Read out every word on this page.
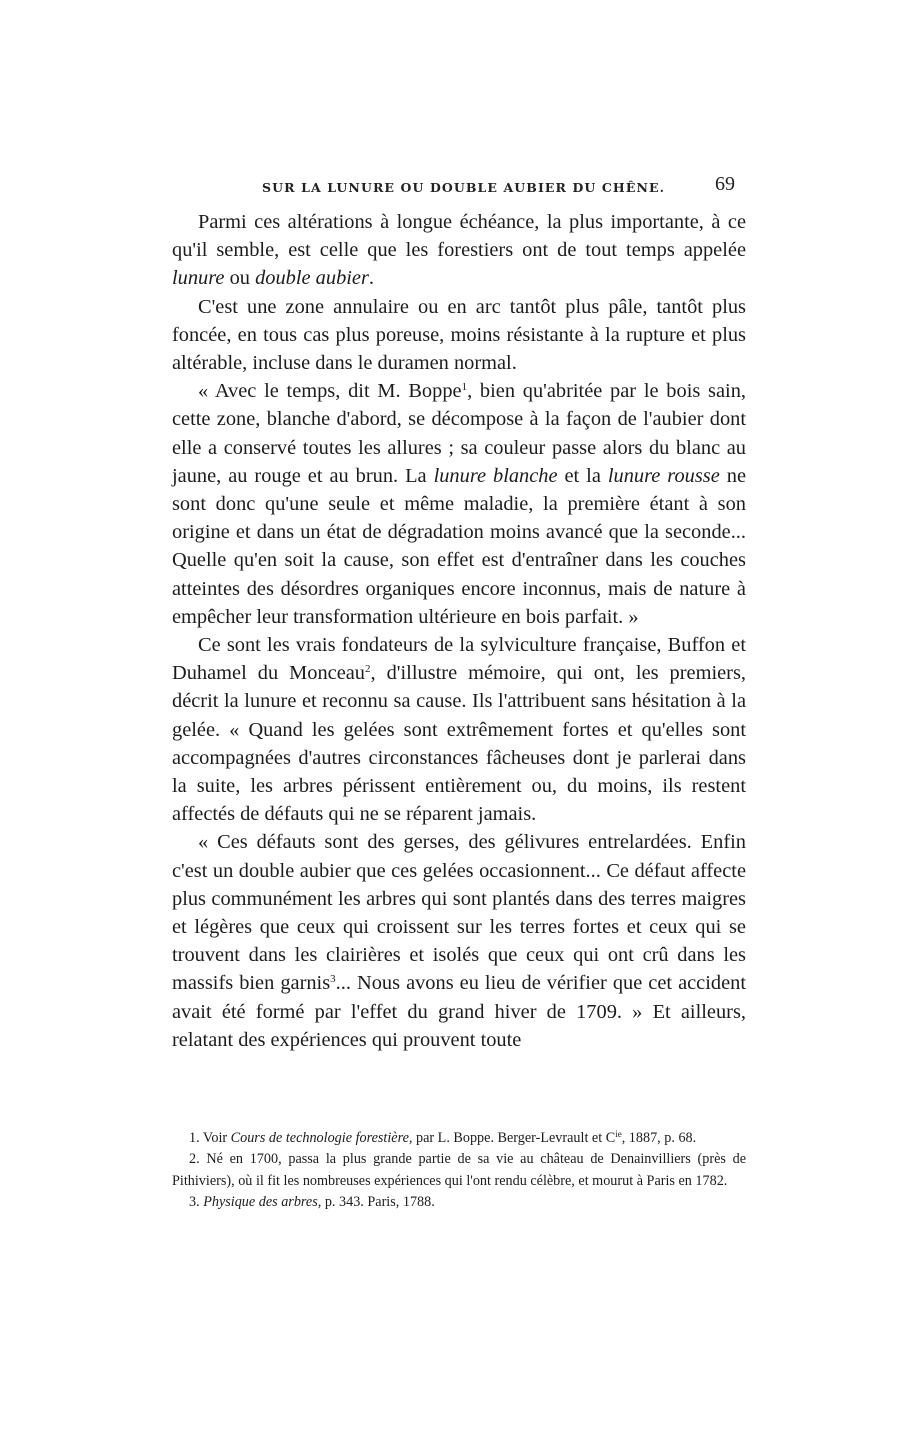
SUR LA LUNURE OU DOUBLE AUBIER DU CHÊNE. 69

Parmi ces altérations à longue échéance, la plus importante, à ce qu'il semble, est celle que les forestiers ont de tout temps appelée lunure ou double aubier.

C'est une zone annulaire ou en arc tantôt plus pâle, tantôt plus foncée, en tous cas plus poreuse, moins résistante à la rupture et plus altérable, incluse dans le duramen normal.

« Avec le temps, dit M. Boppe$^1$, bien qu'abritée par le bois sain, cette zone, blanche d'abord, se décompose à la façon de l'aubier dont elle a conservé toutes les allures ; sa couleur passe alors du blanc au jaune, au rouge et au brun. La lunure blanche et la lunure rousse ne sont donc qu'une seule et même maladie, la première étant à son origine et dans un état de dégradation moins avancé que la seconde... Quelle qu'en soit la cause, son effet est d'entraîner dans les couches atteintes des désordres organiques encore inconnus, mais de nature à empêcher leur transformation ultérieure en bois parfait. »

Ce sont les vrais fondateurs de la sylviculture française, Buffon et Duhamel du Monceau$^2$, d'illustre mémoire, qui ont, les premiers, décrit la lunure et reconnu sa cause. Ils l'attribuent sans hésitation à la gelée. « Quand les gelées sont extrêmement fortes et qu'elles sont accompagnées d'autres circonstances fâcheuses dont je parlerai dans la suite, les arbres périssent entièrement ou, du moins, ils restent affectés de défauts qui ne se réparent jamais.

« Ces défauts sont des gerses, des gélivures entrelardées. Enfin c'est un double aubier que ces gelées occasionnent... Ce défaut affecte plus communément les arbres qui sont plantés dans des terres maigres et légères que ceux qui croissent sur les terres fortes et ceux qui se trouvent dans les clairières et isolés que ceux qui ont crû dans les massifs bien garnis$^3$... Nous avons eu lieu de vérifier que cet accident avait été formé par l'effet du grand hiver de 1709. » Et ailleurs, relatant des expériences qui prouvent toute

1. Voir Cours de technologie forestière, par L. Boppe. Berger-Levrault et $C^{ie}$, 1887, p. 68.

2. Né en 1700, passa la plus grande partie de sa vie au château de Denainvilliers (près de Pithiviers), où il fit les nombreuses expériences qui l'ont rendu célèbre, et mourut à Paris en 1782.

3. Physique des arbres, p. 343. Paris, 1788.
